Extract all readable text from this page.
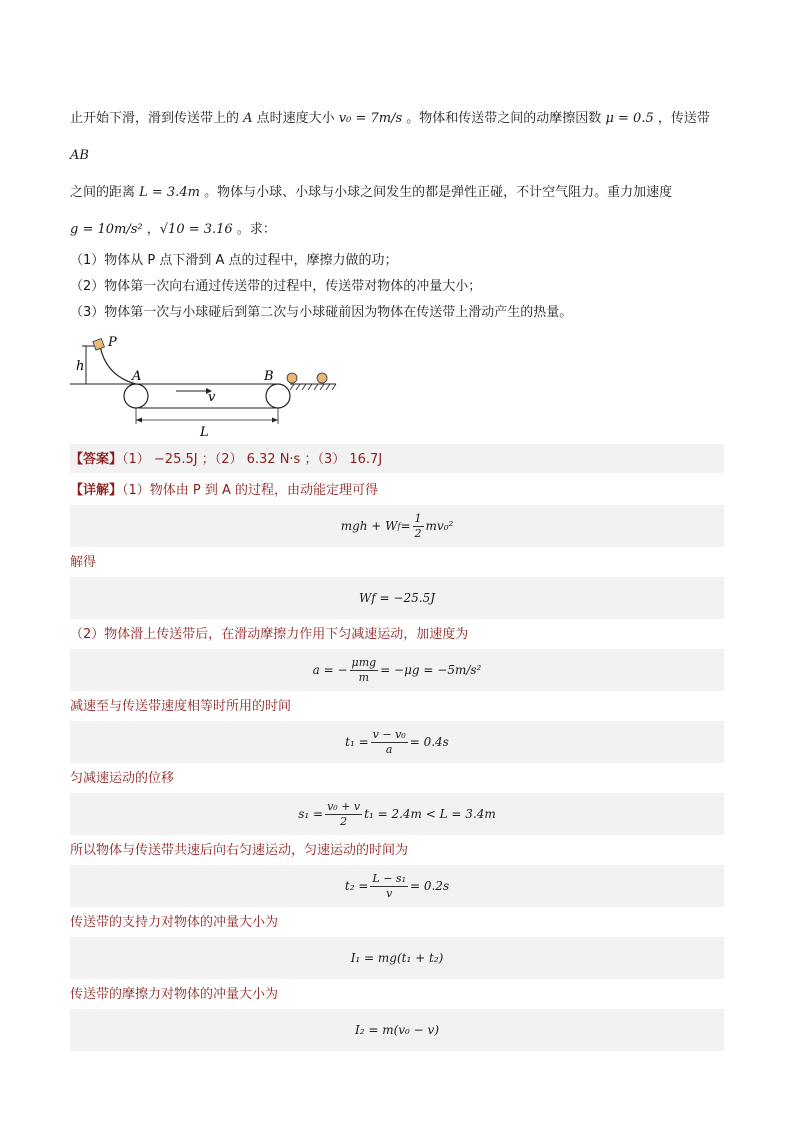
止开始下滑，滑到传送带上的 A 点时速度大小 v₀ = 7m/s 。物体和传送带之间的动摩擦因数 μ = 0.5 ，传送带 AB
之间的距离 L = 3.4m 。物体与小球、小球与小球之间发生的都是弹性正碰，不计空气阻力。重力加速度
g = 10m/s² ，√10 = 3.16 。求：
（1）物体从 P 点下滑到 A 点的过程中，摩擦力做的功；
（2）物体第一次向右通过传送带的过程中，传送带对物体的冲量大小；
（3）物体第一次与小球碰后到第二次与小球碰前因为物体在传送带上滑动产生的热量。
h
P
A	B
v
L
【答案】（1） −25.5J ；（2） 6.32 N·s ；（3） 16.7J
【详解】（1）物体由 P 到 A 的过程，由动能定理可得
mgh + W $f = \frac{1}{2} mv_0^2$
解得
Wf = −25.5J
（2）物体滑上传送带后，在滑动摩擦力作用下匀减速运动，加速度为
a = − $\frac{\text{μmg}}{m} = -\mu g = -5m/s^2$
减速至与传送带速度相等时所用的时间
$t_1 = \frac{\text{v − v₀}}{a} = 0.4s$
匀减速运动的位移
$s_1 = \frac{\text{v₀ + v}}{2} t_1 = 2.4m < L = 3.4m$
所以物体与传送带共速后向右匀速运动，匀速运动的时间为
$t_2 = \frac{\text{L − s₁}}{v} = 0.2s$
传送带的支持力对物体的冲量大小为
I₁ = mg(t₁ + t₂)
传送带的摩擦力对物体的冲量大小为
I₂ = m(v₀ − v)
